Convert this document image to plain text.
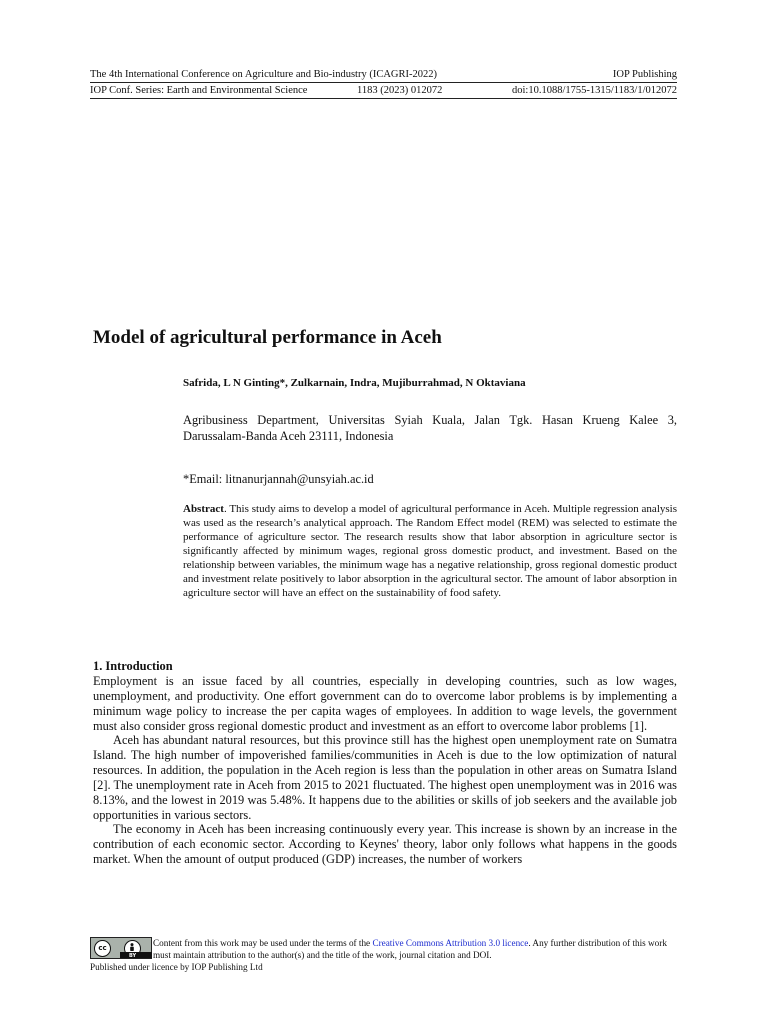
The 4th International Conference on Agriculture and Bio-industry (ICAGRI-2022)	IOP Publishing
IOP Conf. Series: Earth and Environmental Science	1183 (2023) 012072	doi:10.1088/1755-1315/1183/1/012072
Model of agricultural performance in Aceh
Safrida, L N Ginting*, Zulkarnain, Indra, Mujiburrahmad, N Oktaviana
Agribusiness Department, Universitas Syiah Kuala, Jalan Tgk. Hasan Krueng Kalee 3, Darussalam-Banda Aceh 23111, Indonesia
*Email: litnanurjannah@unsyiah.ac.id
Abstract. This study aims to develop a model of agricultural performance in Aceh. Multiple regression analysis was used as the research’s analytical approach. The Random Effect model (REM) was selected to estimate the performance of agriculture sector. The research results show that labor absorption in agriculture sector is significantly affected by minimum wages, regional gross domestic product, and investment. Based on the relationship between variables, the minimum wage has a negative relationship, gross regional domestic product and investment relate positively to labor absorption in the agricultural sector. The amount of labor absorption in agriculture sector will have an effect on the sustainability of food safety.
1. Introduction

Employment is an issue faced by all countries, especially in developing countries, such as low wages, unemployment, and productivity. One effort government can do to overcome labor problems is by implementing a minimum wage policy to increase the per capita wages of employees. In addition to wage levels, the government must also consider gross regional domestic product and investment as an effort to overcome labor problems [1].

Aceh has abundant natural resources, but this province still has the highest open unemployment rate on Sumatra Island. The high number of impoverished families/communities in Aceh is due to the low optimization of natural resources. In addition, the population in the Aceh region is less than the population in other areas on Sumatra Island [2]. The unemployment rate in Aceh from 2015 to 2021 fluctuated. The highest open unemployment was in 2016 was 8.13%, and the lowest in 2019 was 5.48%. It happens due to the abilities or skills of job seekers and the available job opportunities in various sectors.

The economy in Aceh has been increasing continuously every year. This increase is shown by an increase in the contribution of each economic sector. According to Keynes' theory, labor only follows what happens in the goods market. When the amount of output produced (GDP) increases, the number of workers

cc
BY
Content from this work may be used under the terms of the Creative Commons Attribution 3.0 licence. Any further distribution of this work must maintain attribution to the author(s) and the title of the work, journal citation and DOI.
Published under licence by IOP Publishing Ltd
